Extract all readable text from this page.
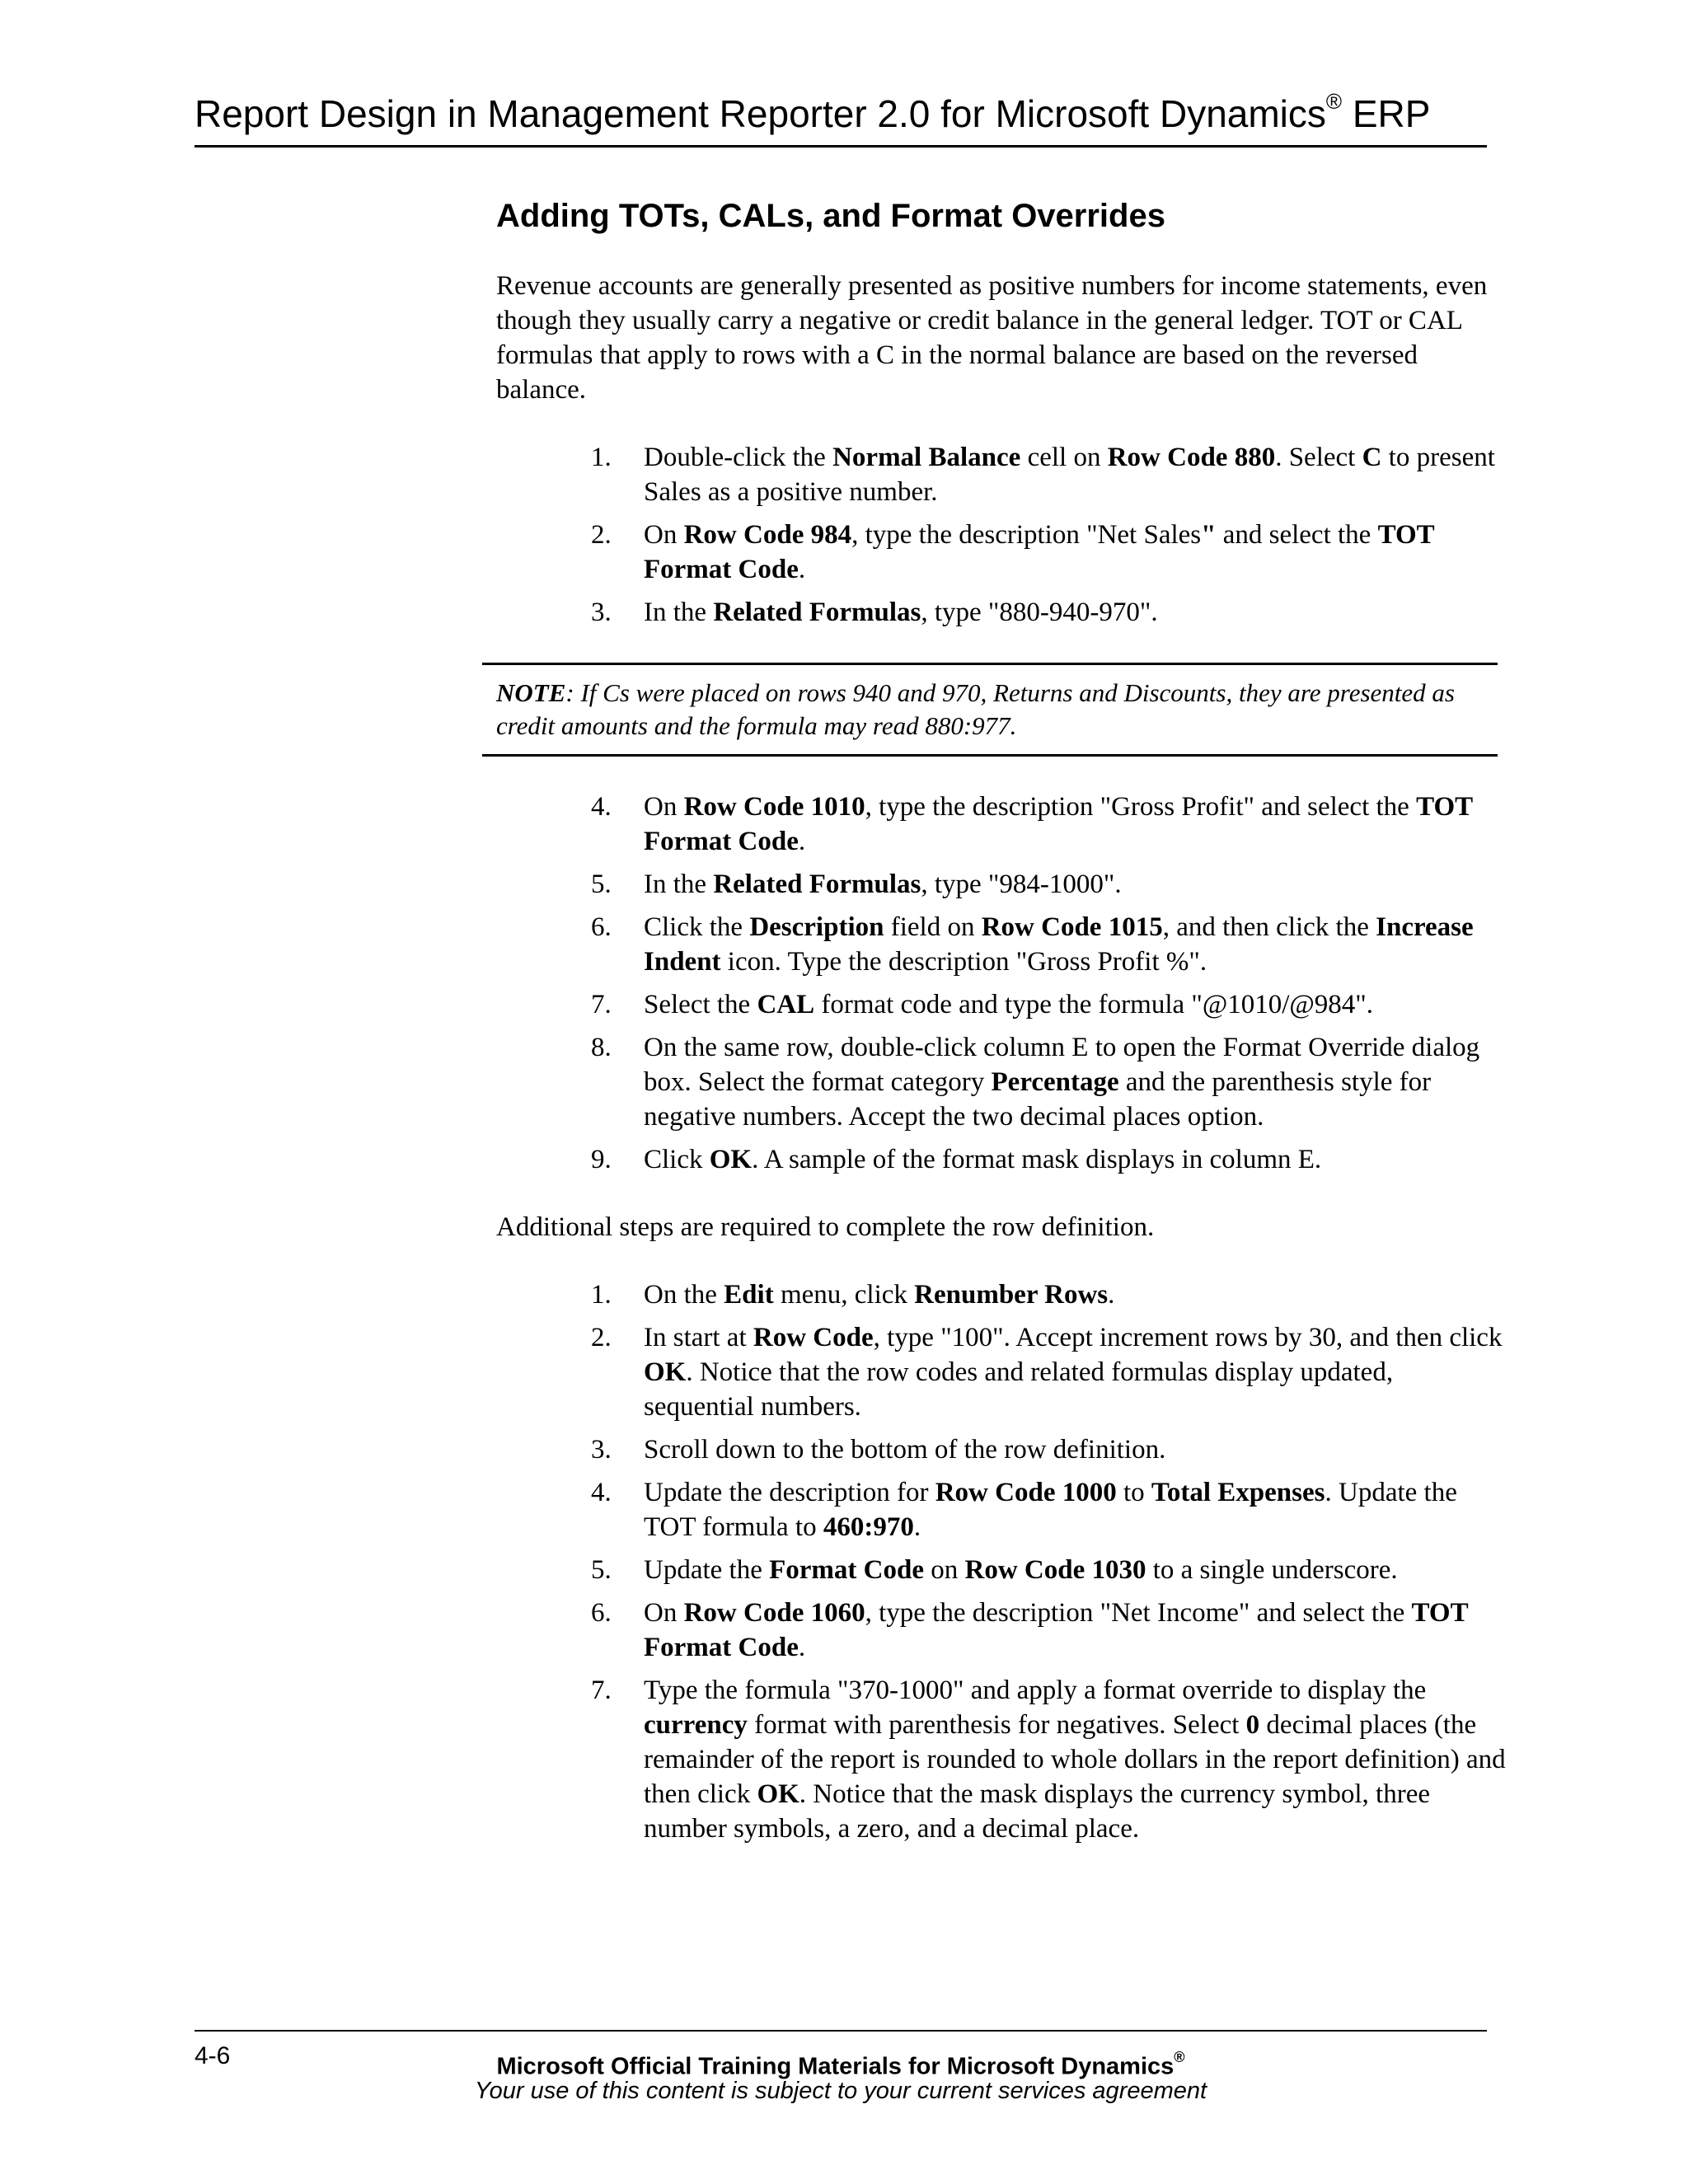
Report Design in Management Reporter 2.0 for Microsoft Dynamics® ERP
Adding TOTs, CALs, and Format Overrides

Revenue accounts are generally presented as positive numbers for income statements, even though they usually carry a negative or credit balance in the general ledger. TOT or CAL formulas that apply to rows with a C in the normal balance are based on the reversed balance.

1. Double-click the Normal Balance cell on Row Code 880. Select C to present Sales as a positive number.
2. On Row Code 984, type the description "Net Sales" and select the TOT Format Code.
3. In the Related Formulas, type "880-940-970".
NOTE: If Cs were placed on rows 940 and 970, Returns and Discounts, they are presented as credit amounts and the formula may read 880:977.
4. On Row Code 1010, type the description "Gross Profit" and select the TOT Format Code.
5. In the Related Formulas, type "984-1000".
6. Click the Description field on Row Code 1015, and then click the Increase Indent icon. Type the description "Gross Profit %".
7. Select the CAL format code and type the formula "@1010/@984".
8. On the same row, double-click column E to open the Format Override dialog box. Select the format category Percentage and the parenthesis style for negative numbers. Accept the two decimal places option.
9. Click OK. A sample of the format mask displays in column E.

Additional steps are required to complete the row definition.

1. On the Edit menu, click Renumber Rows.
2. In start at Row Code, type "100". Accept increment rows by 30, and then click OK. Notice that the row codes and related formulas display updated, sequential numbers.
3. Scroll down to the bottom of the row definition.
4. Update the description for Row Code 1000 to Total Expenses. Update the TOT formula to 460:970.
5. Update the Format Code on Row Code 1030 to a single underscore.
6. On Row Code 1060, type the description "Net Income" and select the TOT Format Code.
7. Type the formula "370-1000" and apply a format override to display the currency format with parenthesis for negatives. Select 0 decimal places (the remainder of the report is rounded to whole dollars in the report definition) and then click OK. Notice that the mask displays the currency symbol, three number symbols, a zero, and a decimal place.
4-6	Microsoft Official Training Materials for Microsoft Dynamics®
Your use of this content is subject to your current services agreement
